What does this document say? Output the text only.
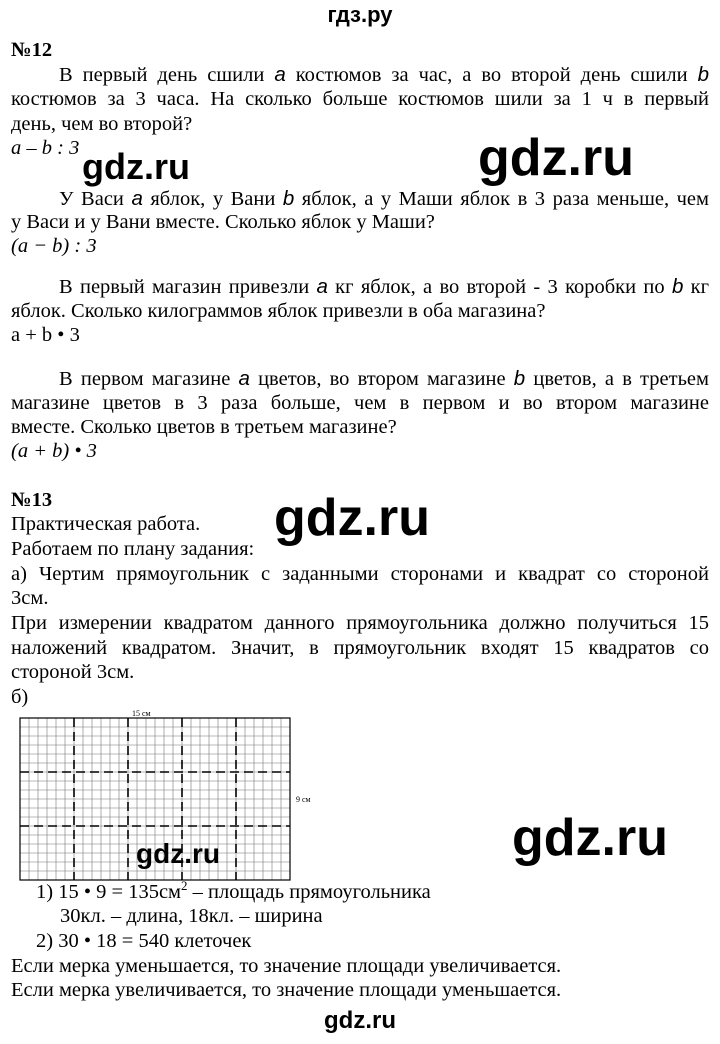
гдз.ру
№12
В первый день сшили a костюмов за час, а во второй день сшили b
костюмов за 3 часа. На сколько больше костюмов шили за 1 ч в первый
день, чем во второй?
a – b : 3
У Васи a яблок, у Вани b яблок, а у Маши яблок в 3 раза меньше, чем
у Васи и у Вани вместе. Сколько яблок у Маши?
(a − b) : 3
В первый магазин привезли a кг яблок, а во второй - 3 коробки по b кг
яблок. Сколько килограммов яблок привезли в оба магазина?
a + b • 3
В первом магазине a цветов, во втором магазине b цветов, а в третьем
магазине цветов в 3 раза больше, чем в первом и во втором магазине
вместе. Сколько цветов в третьем магазине?
(a + b) • 3
№13
Практическая работа.
Работаем по плану задания:
а) Чертим прямоугольник с заданными сторонами и квадрат со стороной
3см.
При измерении квадратом данного прямоугольника должно получиться 15
наложений квадратом. Значит, в прямоугольник входят 15 квадратов со
стороной 3см.
б)
15 см
9 см
1) 15 • $9 = 135см^2$ – площадь прямоугольника
30кл. – длина, 18кл. – ширина
2) 30 • 18 = 540 клеточек
Если мерка уменьшается, то значение площади увеличивается.
Если мерка увеличивается, то значение площади уменьшается.
gdz.ru	gdz.ru
gdz.ru
gdz.ru
gdz.ru
gdz.ru
